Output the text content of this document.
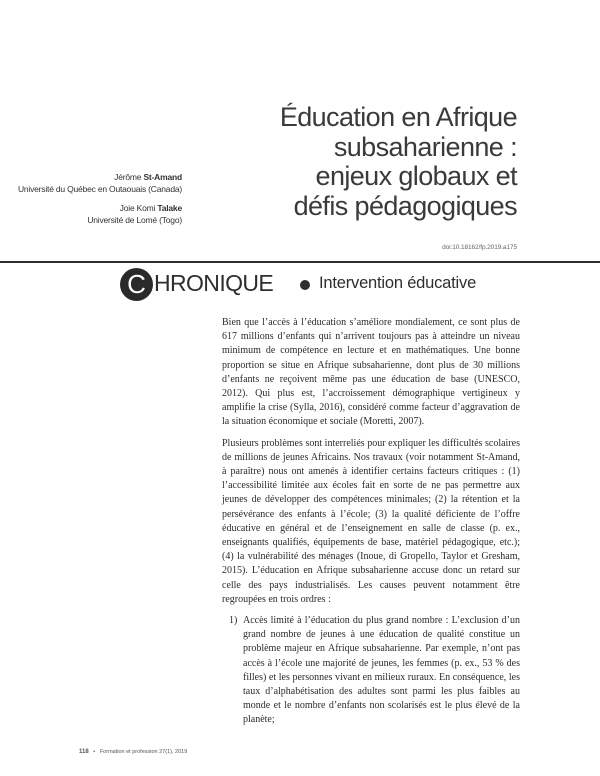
Jérôme St-Amand
Université du Québec en Outaouais (Canada)
Joie Komi Talake
Université de Lomé (Togo)
Éducation en Afrique
subsaharienne :
enjeux globaux et
défis pédagogiques
doi:10.18162/fp.2019.a175
C HRONIQUE	Intervention éducative

Bien que l’accès à l’éducation s’améliore mondialement, ce sont plus de 617 millions d’enfants qui n’arrivent toujours pas à atteindre un niveau minimum de compétence en lecture et en mathématiques. Une bonne proportion se situe en Afrique subsaharienne, dont plus de 30 millions d’enfants ne reçoivent même pas une éducation de base (UNESCO, 2012). Qui plus est, l’accroissement démographique vertigineux y amplifie la crise (Sylla, 2016), considéré comme facteur d’aggravation de la situation économique et sociale (Moretti, 2007).

Plusieurs problèmes sont interreliés pour expliquer les difficultés scolaires de millions de jeunes Africains. Nos travaux (voir notamment St-Amand, à paraître) nous ont amenés à identifier certains facteurs critiques : (1) l’accessibilité limitée aux écoles fait en sorte de ne pas permettre aux jeunes de développer des compétences minimales; (2) la rétention et la persévérance des enfants à l’école; (3) la qualité déficiente de l’offre éducative en général et de l’enseignement en salle de classe (p. ex., enseignants qualifiés, équipements de base, matériel pédagogique, etc.); (4) la vulnérabilité des ménages (Inoue, di Gropello, Taylor et Gresham, 2015). L’éducation en Afrique subsaharienne accuse donc un retard sur celle des pays industrialisés. Les causes peuvent notamment être regroupées en trois ordres :

1) Accès limité à l’éducation du plus grand nombre : L’exclusion d’un grand nombre de jeunes à une éducation de qualité constitue un problème majeur en Afrique subsaharienne. Par exemple, n’ont pas accès à l’école une majorité de jeunes, les femmes (p. ex., 53 % des filles) et les personnes vivant en milieux ruraux. En conséquence, les taux d’alphabétisation des adultes sont parmi les plus faibles au monde et le nombre d’enfants non scolarisés est le plus élevé de la planète;
118 • Formation et profession 27(1), 2019
